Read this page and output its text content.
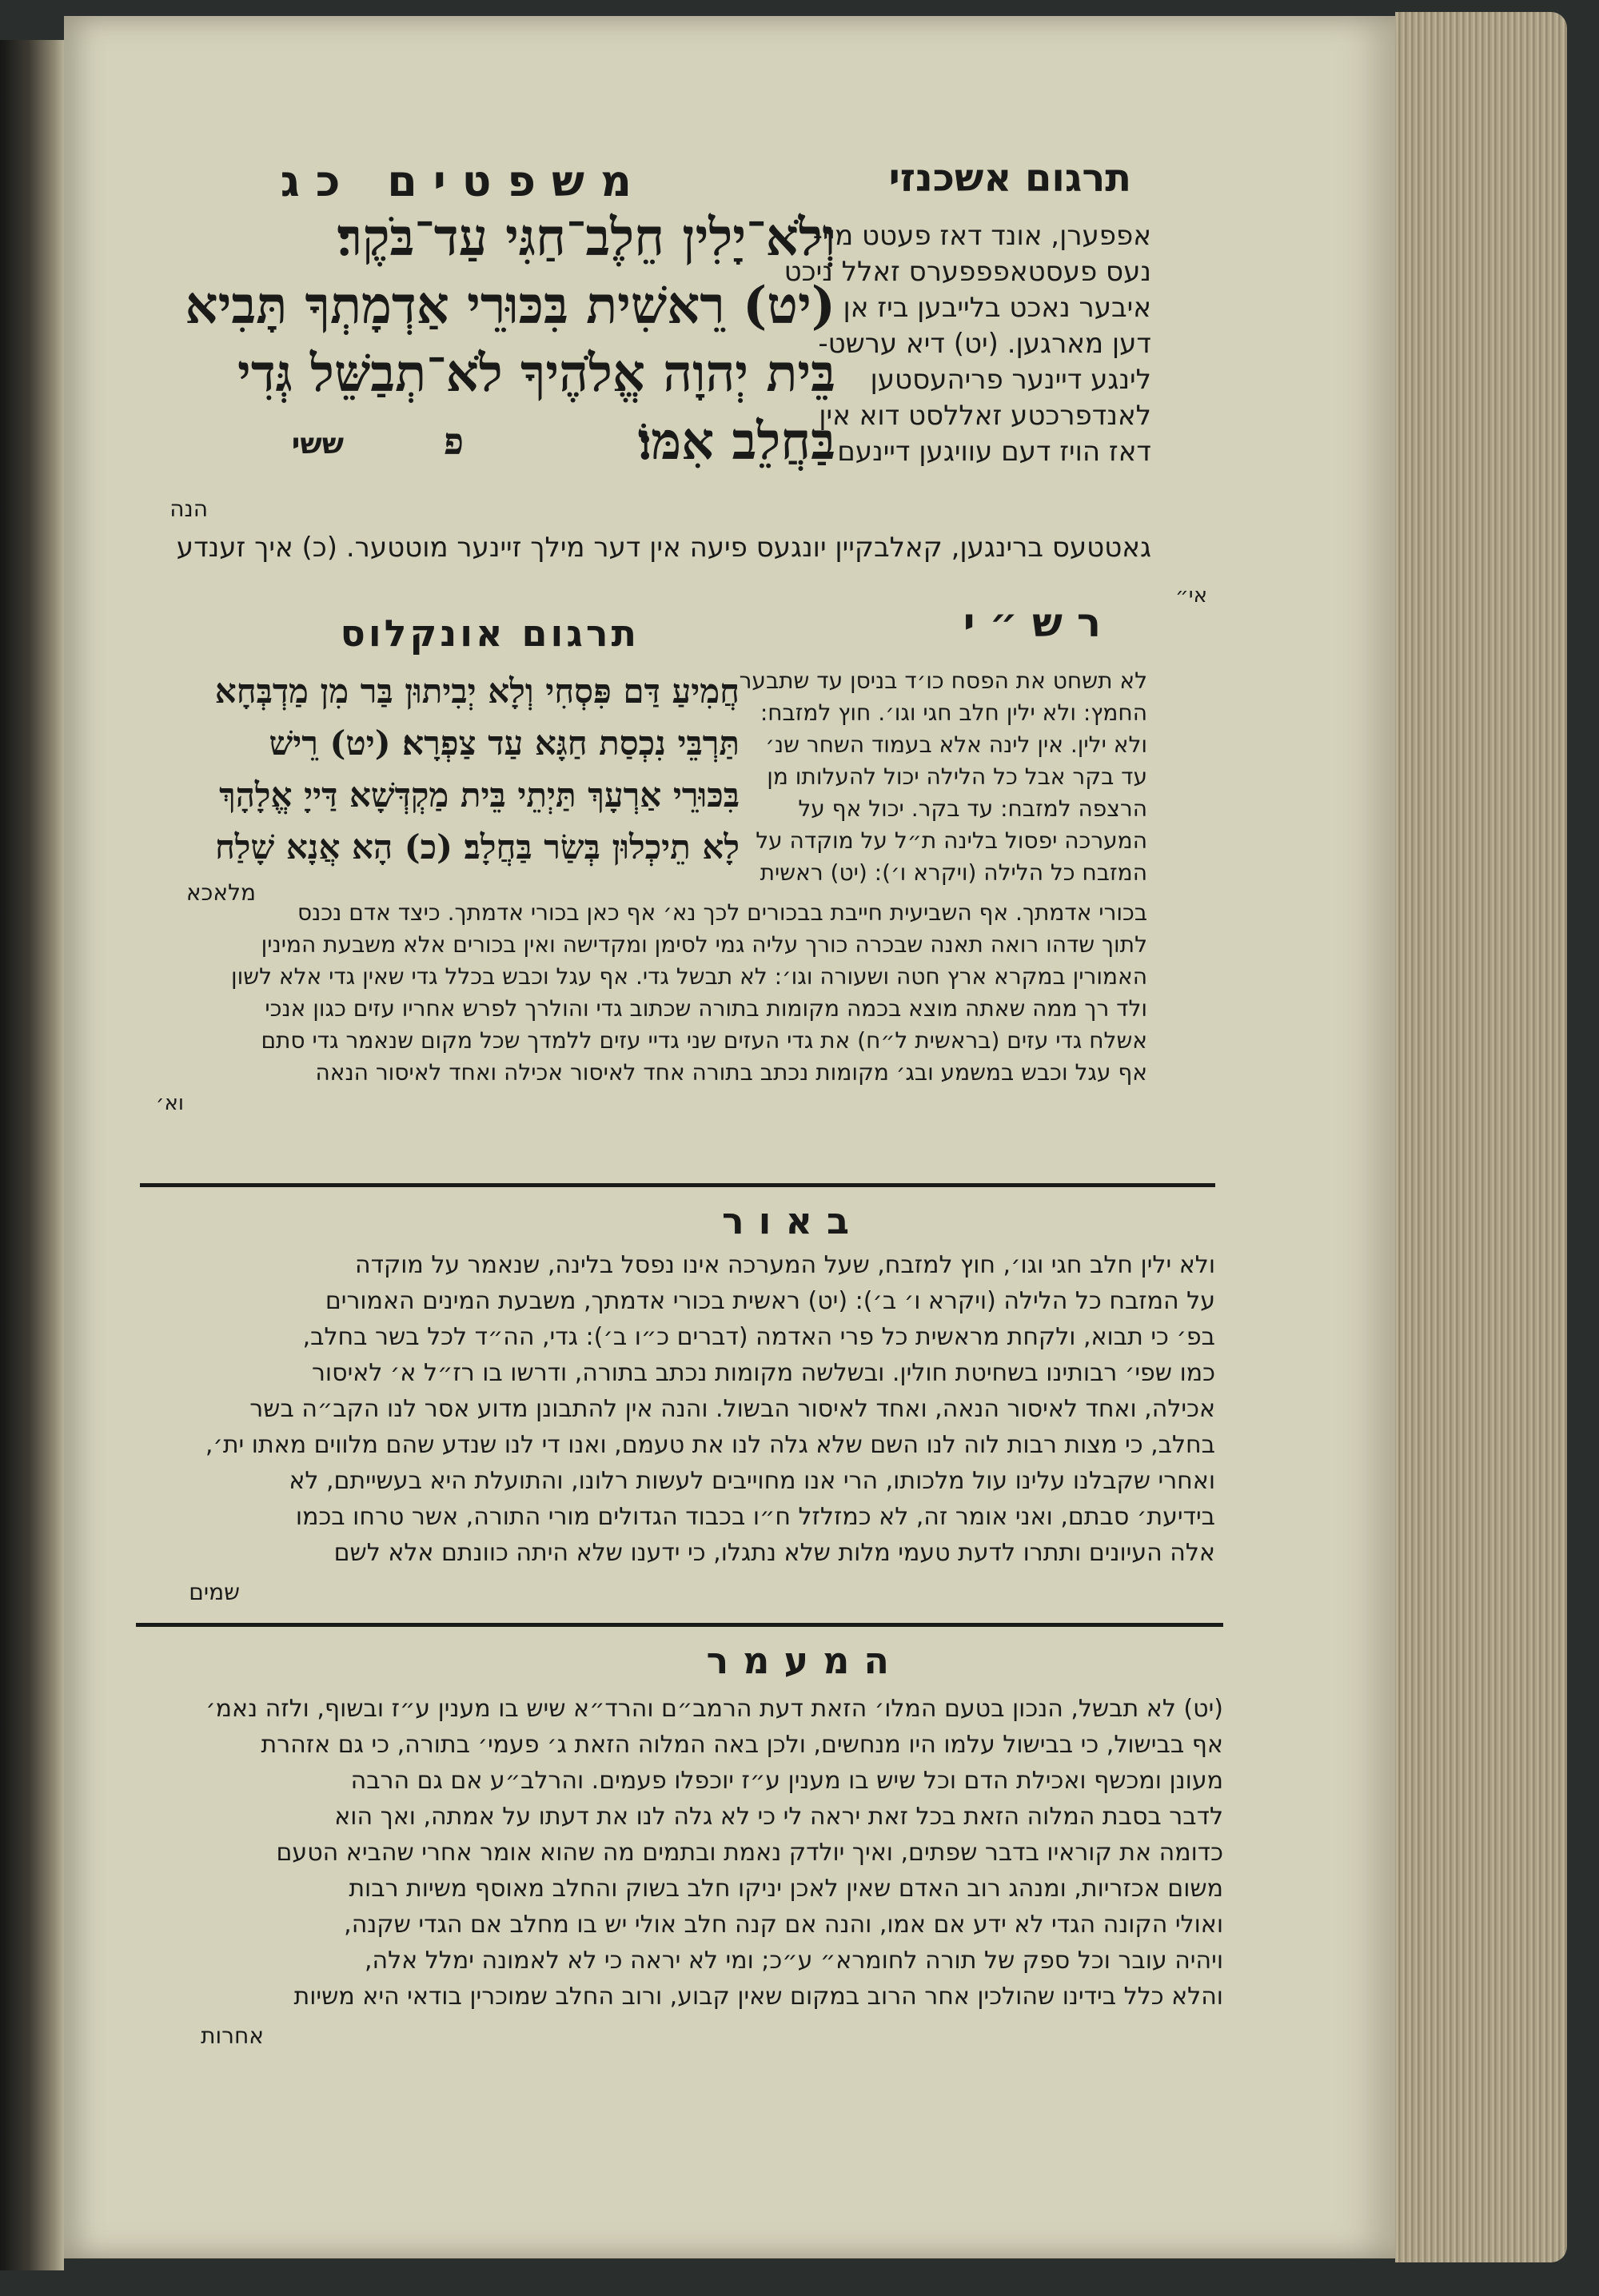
תרגום אשכנזי
משפטים כג
וְלֹא־יָלִין חֵלֶב־חַגִּי עַד־בֹּקֶר׃
(יט) רֵאשִׁית בִּכּוּרֵי אַדְמָתְךָ תָּבִיא
בֵּית יְהוָה אֱלֹהֶיךָ לֹא־תְבַשֵּׁל גְּדִי
בַּחֲלֵב אִמּוֹ׃
פ
ששי
אפפערן, אונד דאז פעטט מיי-
נעס פעסטאפפפערס זאלל ניכט
איבער נאכט בלייבען ביז אן
דען מארגען. (יט) דיא ערשט-
לינגע דיינער פריהעסטען
לאנדפרכטע זאללסט דוא אין
דאז הויז דעם עוויגען דיינעם
הנה
גאטטעס ברינגען, קאלבקיין יונגעס פיעה אין דער מילך זיינער מוטטער. (כ) איך זענדע
אי״
רש״י
תרגום אונקלוס
חֲמִיעַ דַּם פִּסְחִי וְלָא יְבִיתוּן בַּר מִן מַדְבְּחָא
תַּרְבֵּי נִכְסַת חַגָּא עַד צַפְרָא׃ (יט) רֵישׁ
בִּכּוּרֵי אַרְעָךְ תַּיְתֵי בֵּית מַקְדְּשָׁא דַּייָ אֱלָהָךְ
לָא תֵיכְלוּן בְּשַׂר בַּחֲלָב׃ (כ) הָא אֲנָא שָׁלַח
מלאכא
לא תשחט את הפסח כו׳ד בניסן עד שתבער
החמץ: ולא ילין חלב חגי וגו׳. חוץ למזבח:
ולא ילין. אין לינה אלא בעמוד השחר שנ׳
עד בקר אבל כל הלילה יכול להעלותו מן
הרצפה למזבח: עד בקר. יכול אף על
המערכה יפסול בלינה ת״ל על מוקדה על
המזבח כל הלילה (ויקרא ו׳): (יט) ראשית
בכורי אדמתך. אף השביעית חייבת בבכורים לכך נא׳ אף כאן בכורי אדמתך. כיצד אדם נכנס
לתוך שדהו רואה תאנה שבכרה כורך עליה גמי לסימן ומקדישה ואין בכורים אלא משבעת המינין
האמורין במקרא ארץ חטה ושעורה וגו׳: לא תבשל גדי. אף עגל וכבש בכלל גדי שאין גדי אלא לשון
ולד רך ממה שאתה מוצא בכמה מקומות בתורה שכתוב גדי והולרך לפרש אחריו עזים כגון אנכי
אשלח גדי עזים (בראשית ל״ח) את גדי העזים שני גדיי עזים ללמדך שכל מקום שנאמר גדי סתם
אף עגל וכבש במשמע ובג׳ מקומות נכתב בתורה אחד לאיסור אכילה ואחד לאיסור הנאה
וא׳
באור
ולא ילין חלב חגי וגו׳, חוץ למזבח, שעל המערכה אינו נפסל בלינה, שנאמר על מוקדה
על המזבח כל הלילה (ויקרא ו׳ ב׳): (יט) ראשית בכורי אדמתך, משבעת המינים האמורים
בפ׳ כי תבוא, ולקחת מראשית כל פרי האדמה (דברים כ״ו ב׳): גדי, הה״ד לכל בשר בחלב,
כמו שפי׳ רבותינו בשחיטת חולין. ובשלשה מקומות נכתב בתורה, ודרשו בו רז״ל א׳ לאיסור
אכילה, ואחד לאיסור הנאה, ואחד לאיסור הבשול. והנה אין להתבונן מדוע אסר לנו הקב״ה בשר
בחלב, כי מצות רבות לוה לנו השם שלא גלה לנו את טעמם, ואנו די לנו שנדע שהם מלווים מאתו ית׳,
ואחרי שקבלנו עלינו עול מלכותו, הרי אנו מחוייבים לעשות רלונו, והתועלת היא בעשייתם, לא
בידיעת׳ סבתם, ואני אומר זה, לא כמזלזל ח״ו בכבוד הגדולים מורי התורה, אשר טרחו בכמו
אלה העיונים ותתרו לדעת טעמי מלות שלא נתגלו, כי ידענו שלא היתה כוונתם אלא לשם
שמים
המעמר
(יט) לא תבשל, הנכון בטעם המלו׳ הזאת דעת הרמב״ם והרד״א שיש בו מענין ע״ז ובשוף, ולזה נאמ׳
אף בבישול, כי בבישול עלמו היו מנחשים, ולכן באה המלוה הזאת ג׳ פעמי׳ בתורה, כי גם אזהרת
מעונן ומכשף ואכילת הדם וכל שיש בו מענין ע״ז יוכפלו פעמים. והרלב״ע אם גם הרבה
לדבר בסבת המלוה הזאת בכל זאת יראה לי כי לא גלה לנו את דעתו על אמתה, ואך הוא
כדומה את קוראיו בדבר שפתים, ואיך יולדק נאמת ובתמים מה שהוא אומר אחרי שהביא הטעם
משום אכזריות, ומנהג רוב האדם שאין לאכן יניקו חלב בשוק והחלב מאוסף משיות רבות
ואולי הקונה הגדי לא ידע אם אמו, והנה אם קנה חלב אולי יש בו מחלב אם הגדי שקנה,
ויהיה עובר וכל ספק של תורה לחומרא״ ע״כ; ומי לא יראה כי לא לאמונה ימלל אלה,
והלא כלל בידינו שהולכין אחר הרוב במקום שאין קבוע, ורוב החלב שמוכרין בודאי היא משיות
אחרות
